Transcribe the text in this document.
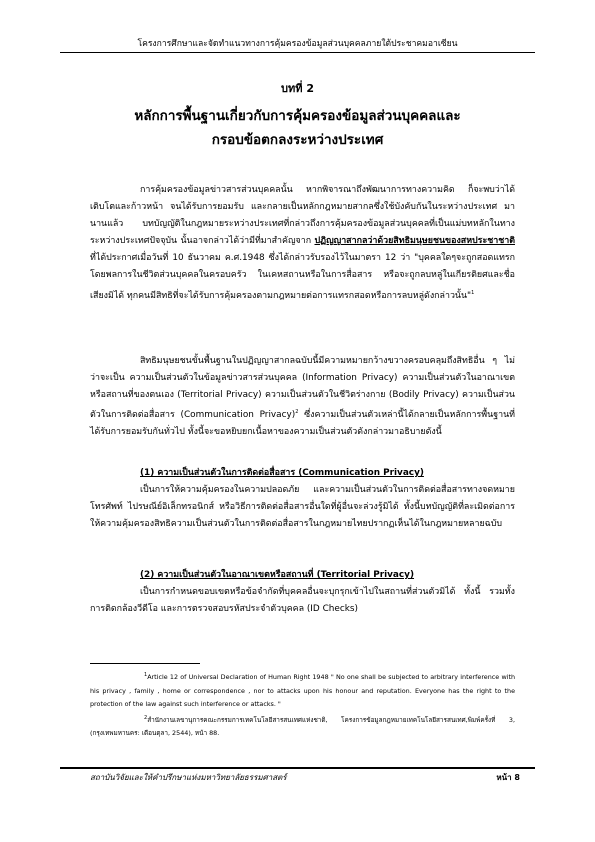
โครงการศึกษาและจัดทำแนวทางการคุ้มครองข้อมูลส่วนบุคคลภายใต้ประชาคมอาเซียน
บทที่ 2
หลักการพื้นฐานเกี่ยวกับการคุ้มครองข้อมูลส่วนบุคคลและ
กรอบข้อตกลงระหว่างประเทศ

การคุ้มครองข้อมูลข่าวสารส่วนบุคคลนั้น หากพิจารณาถึงพัฒนาการทางความคิด ก็จะพบว่าได้เติบโตและก้าวหน้า จนได้รับการยอมรับ และกลายเป็นหลักกฎหมายสากลซึ่งใช้บังคับกันในระหว่างประเทศ มานานแล้ว บทบัญญัติในกฎหมายระหว่างประเทศที่กล่าวถึงการคุ้มครองข้อมูลส่วนบุคคลที่เป็นแม่บทหลักในทางระหว่างประเทศปัจจุบัน นั้นอาจกล่าวได้ว่ามีที่มาสำคัญจาก ปฏิญญาสากลว่าด้วยสิทธิมนุษยชนของสหประชาชาติ ที่ได้ประกาศเมื่อวันที่ 10 ธันวาคม ค.ศ.1948 ซึ่งได้กล่าวรับรองไว้ในมาตรา 12 ว่า "บุคคลใดๆจะถูกสอดแทรกโดยพลการในชีวิตส่วนบุคคลในครอบครัว ในเคหสถานหรือในการสื่อสาร หรือจะถูกลบหลู่ในเกียรติยศและชื่อเสียงมิได้ ทุกคนมีสิทธิที่จะได้รับการคุ้มครองตามกฎหมายต่อการแทรกสอดหรือการลบหลู่ดังกล่าวนั้น"$^1$

สิทธิมนุษยชนขั้นพื้นฐานในปฏิญญาสากลฉบับนี้มีความหมายกว้างขวางครอบคลุมถึงสิทธิอื่น ๆ ไม่ว่าจะเป็น ความเป็นส่วนตัวในข้อมูลข่าวสารส่วนบุคคล (Information Privacy) ความเป็นส่วนตัวในอาณาเขตหรือสถานที่ของตนเอง (Territorial Privacy) ความเป็นส่วนตัวในชีวิตร่างกาย (Bodily Privacy) ความเป็นส่วนตัวในการติดต่อสื่อสาร (Communication Privacy)$^2$ ซึ่งความเป็นส่วนตัวเหล่านี้ได้กลายเป็นหลักการพื้นฐานที่ได้รับการยอมรับกันทั่วไป ทั้งนี้จะขอหยิบยกเนื้อหาของความเป็นส่วนตัวดังกล่าวมาอธิบายดังนี้

(1) ความเป็นส่วนตัวในการติดต่อสื่อสาร (Communication Privacy)

เป็นการให้ความคุ้มครองในความปลอดภัย และความเป็นส่วนตัวในการติดต่อสื่อสารทางจดหมาย โทรศัพท์ ไปรษณีย์อิเล็กทรอนิกส์ หรือวิธีการติดต่อสื่อสารอื่นใดที่ผู้อื่นจะล่วงรู้มิได้ ทั้งนี้บทบัญญัติที่ละเมิดต่อการให้ความคุ้มครองสิทธิความเป็นส่วนตัวในการติดต่อสื่อสารในกฎหมายไทยปรากฏเห็นได้ในกฎหมายหลายฉบับ

(2) ความเป็นส่วนตัวในอาณาเขตหรือสถานที่ (Territorial Privacy)

เป็นการกำหนดขอบเขตหรือข้อจำกัดที่บุคคลอื่นจะบุกรุกเข้าไปในสถานที่ส่วนตัวมิได้ ทั้งนี้ รวมทั้งการติดกล้องวีดีโอ และการตรวจสอบรหัสประจำตัวบุคคล (ID Checks)

$^1$Article 12 of Universal Declaration of Human Right 1948 " No one shall be subjected to arbitrary interference with his privacy , family , home or correspondence , nor to attacks upon his honour and reputation. Everyone has the right to the protection of the law against such interference or attacks. "

$^2$สำนักงานเลขานุการคณะกรรมการเทคโนโลยีสารสนเทศแห่งชาติ, โครงการข้อมูลกฎหมายเทคโนโลยีสารสนเทศ,พิมพ์ครั้งที่ 3, (กรุงเทพมหานคร: เดือนตุลา, 2544), หน้า 88.

สถาบันวิจัยและให้คำปรึกษาแห่งมหาวิทยาลัยธรรมศาสตร์	หน้า 8
